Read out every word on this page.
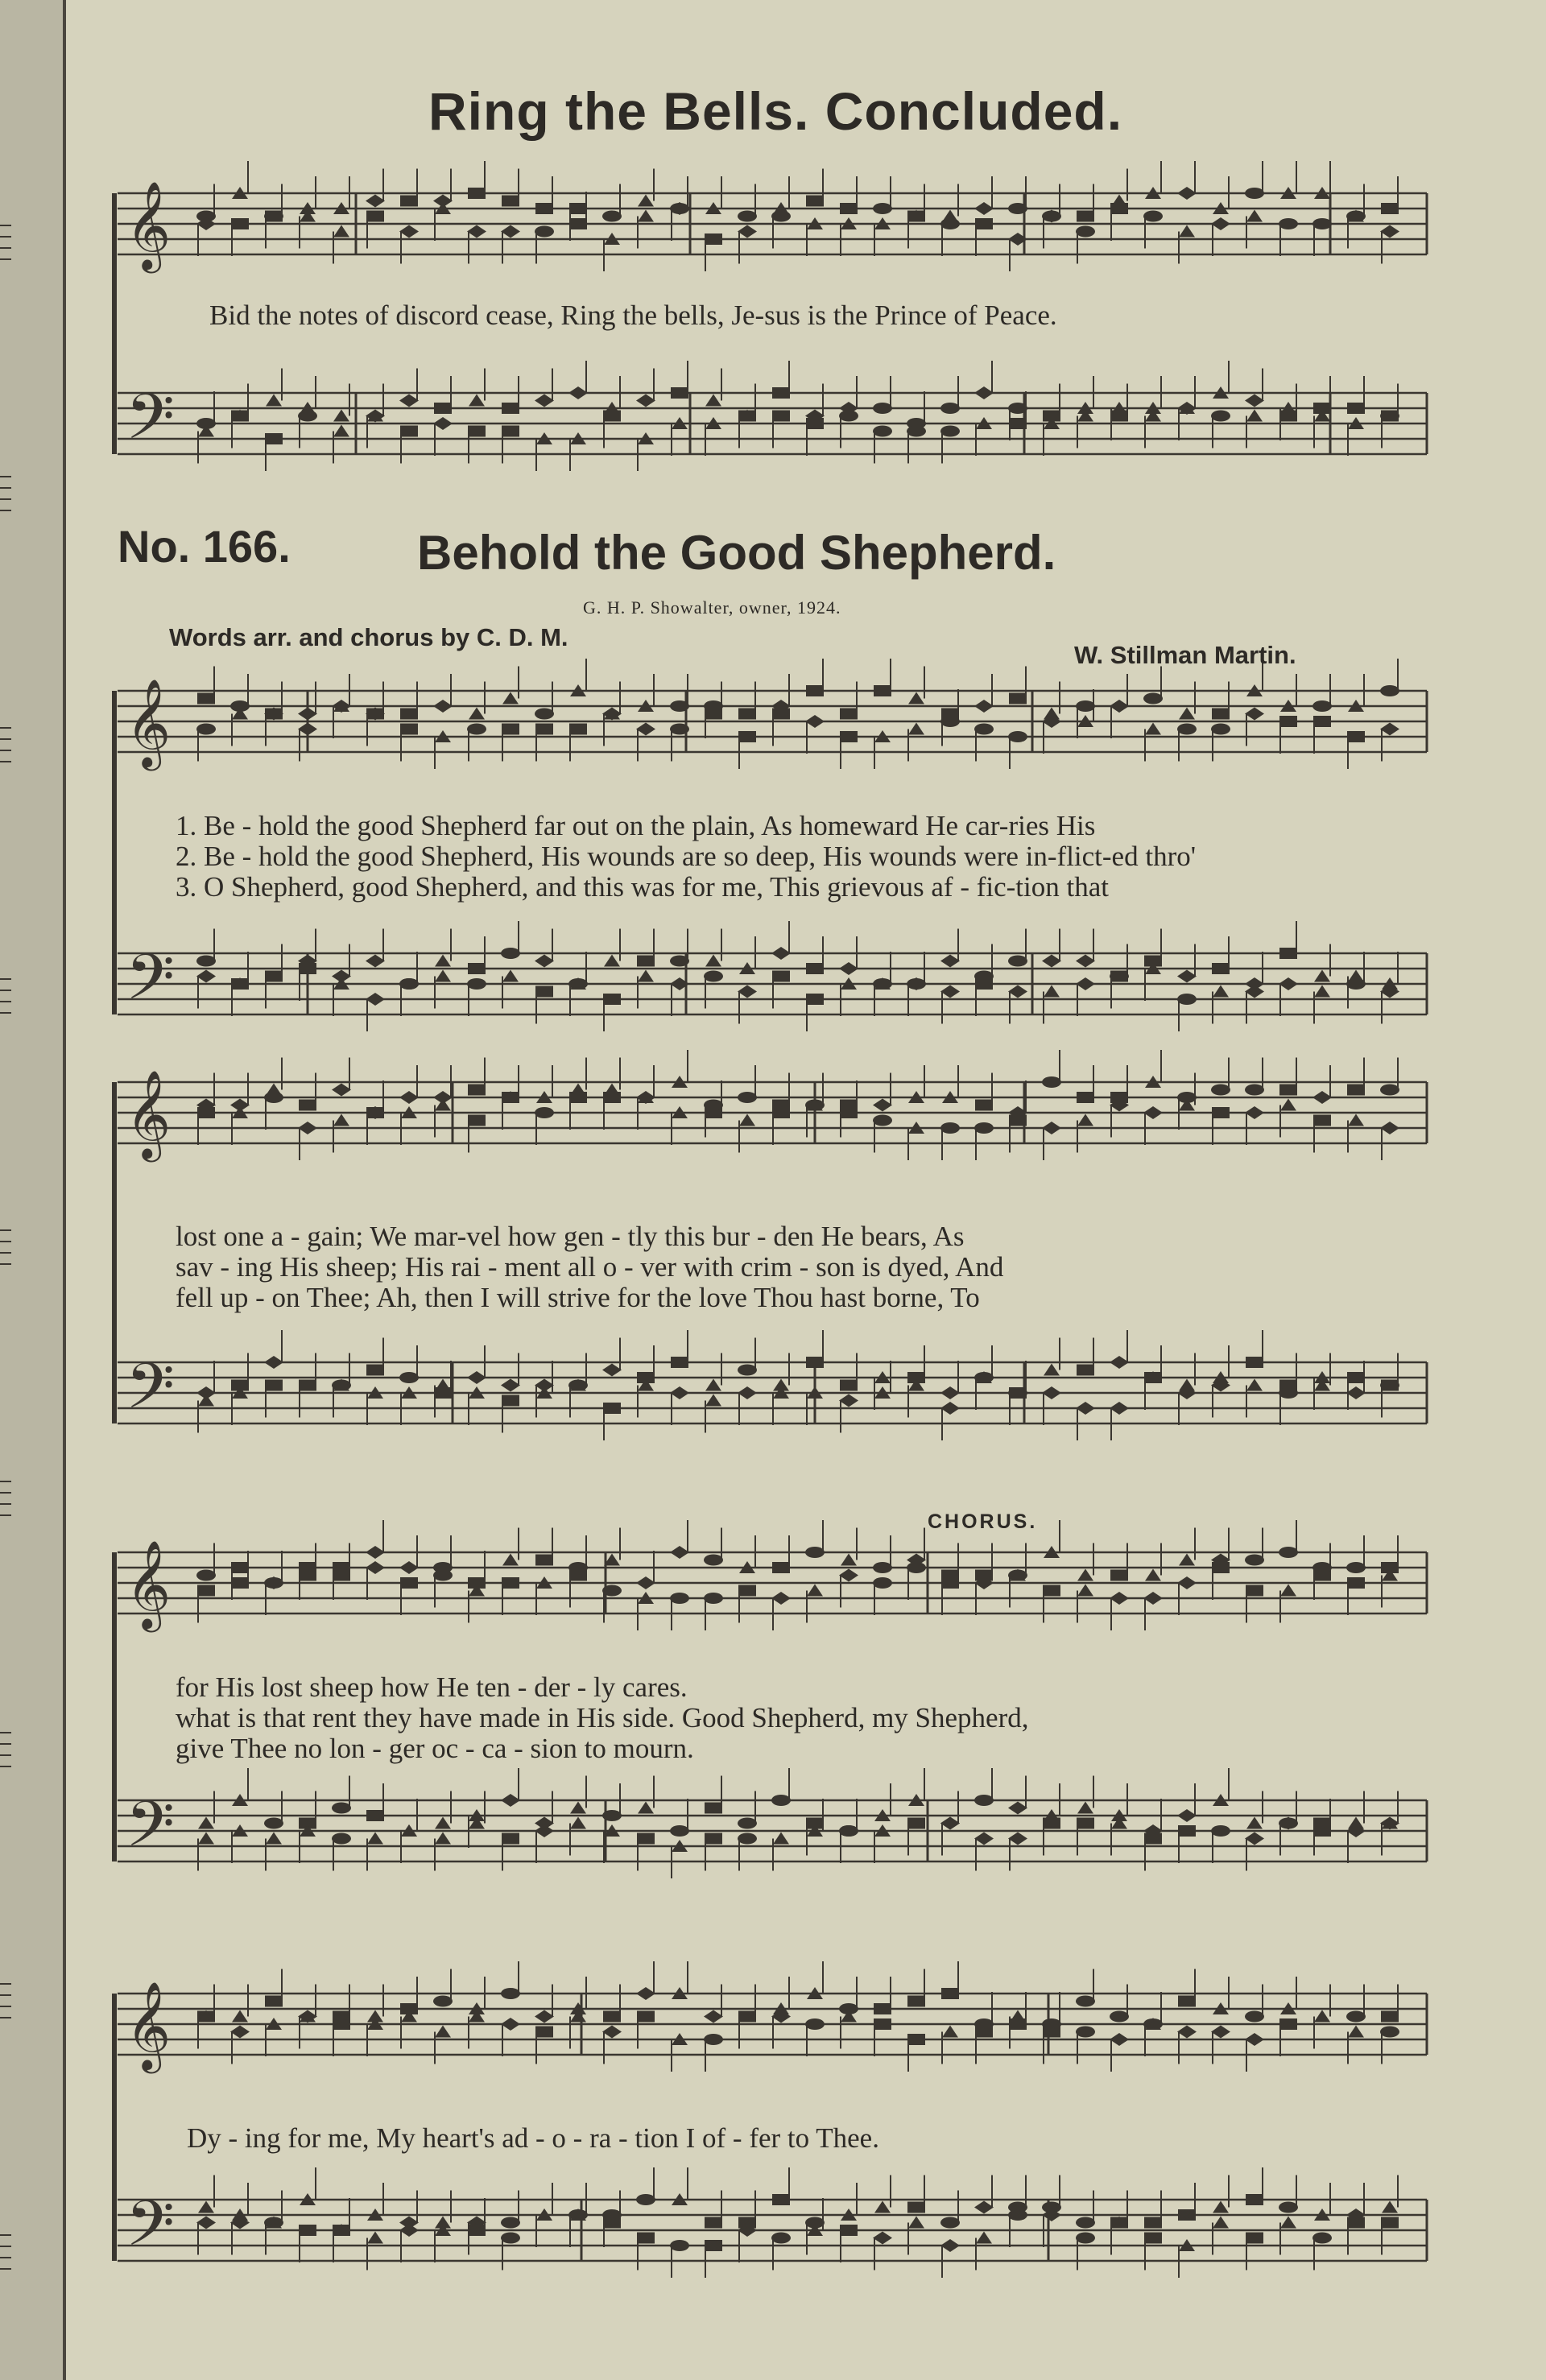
𝄞
𝄢
𝄞
𝄢
𝄞
𝄢
𝄞
𝄢
𝄞
𝄢
Ring the Bells. Concluded.
Bid the notes of discord cease, Ring the bells, Je-sus is the Prince of Peace.
No. 166.	Behold the Good Shepherd.
G. H. P. Showalter, owner, 1924.
Words arr. and chorus by C. D. M.
W. Stillman Martin.
1. Be - hold the good Shepherd far out on the plain, As homeward He car-ries His
2. Be - hold the good Shepherd, His wounds are so deep, His wounds were in-flict-ed thro'
3. O Shepherd, good Shepherd, and this was for me, This grievous af - fic-tion that
lost one a - gain; We mar-vel how gen - tly this bur - den He bears, As
sav - ing His sheep; His rai - ment all o - ver with crim - son is dyed, And
fell up - on Thee; Ah, then I will strive for the love Thou hast borne, To
CHORUS.
for His lost sheep how He ten - der - ly cares.
what is that rent they have made in His side. Good Shepherd, my Shepherd,
give Thee no lon - ger oc - ca - sion to mourn.
Dy - ing for me, My heart's ad - o - ra - tion I of - fer to Thee.
